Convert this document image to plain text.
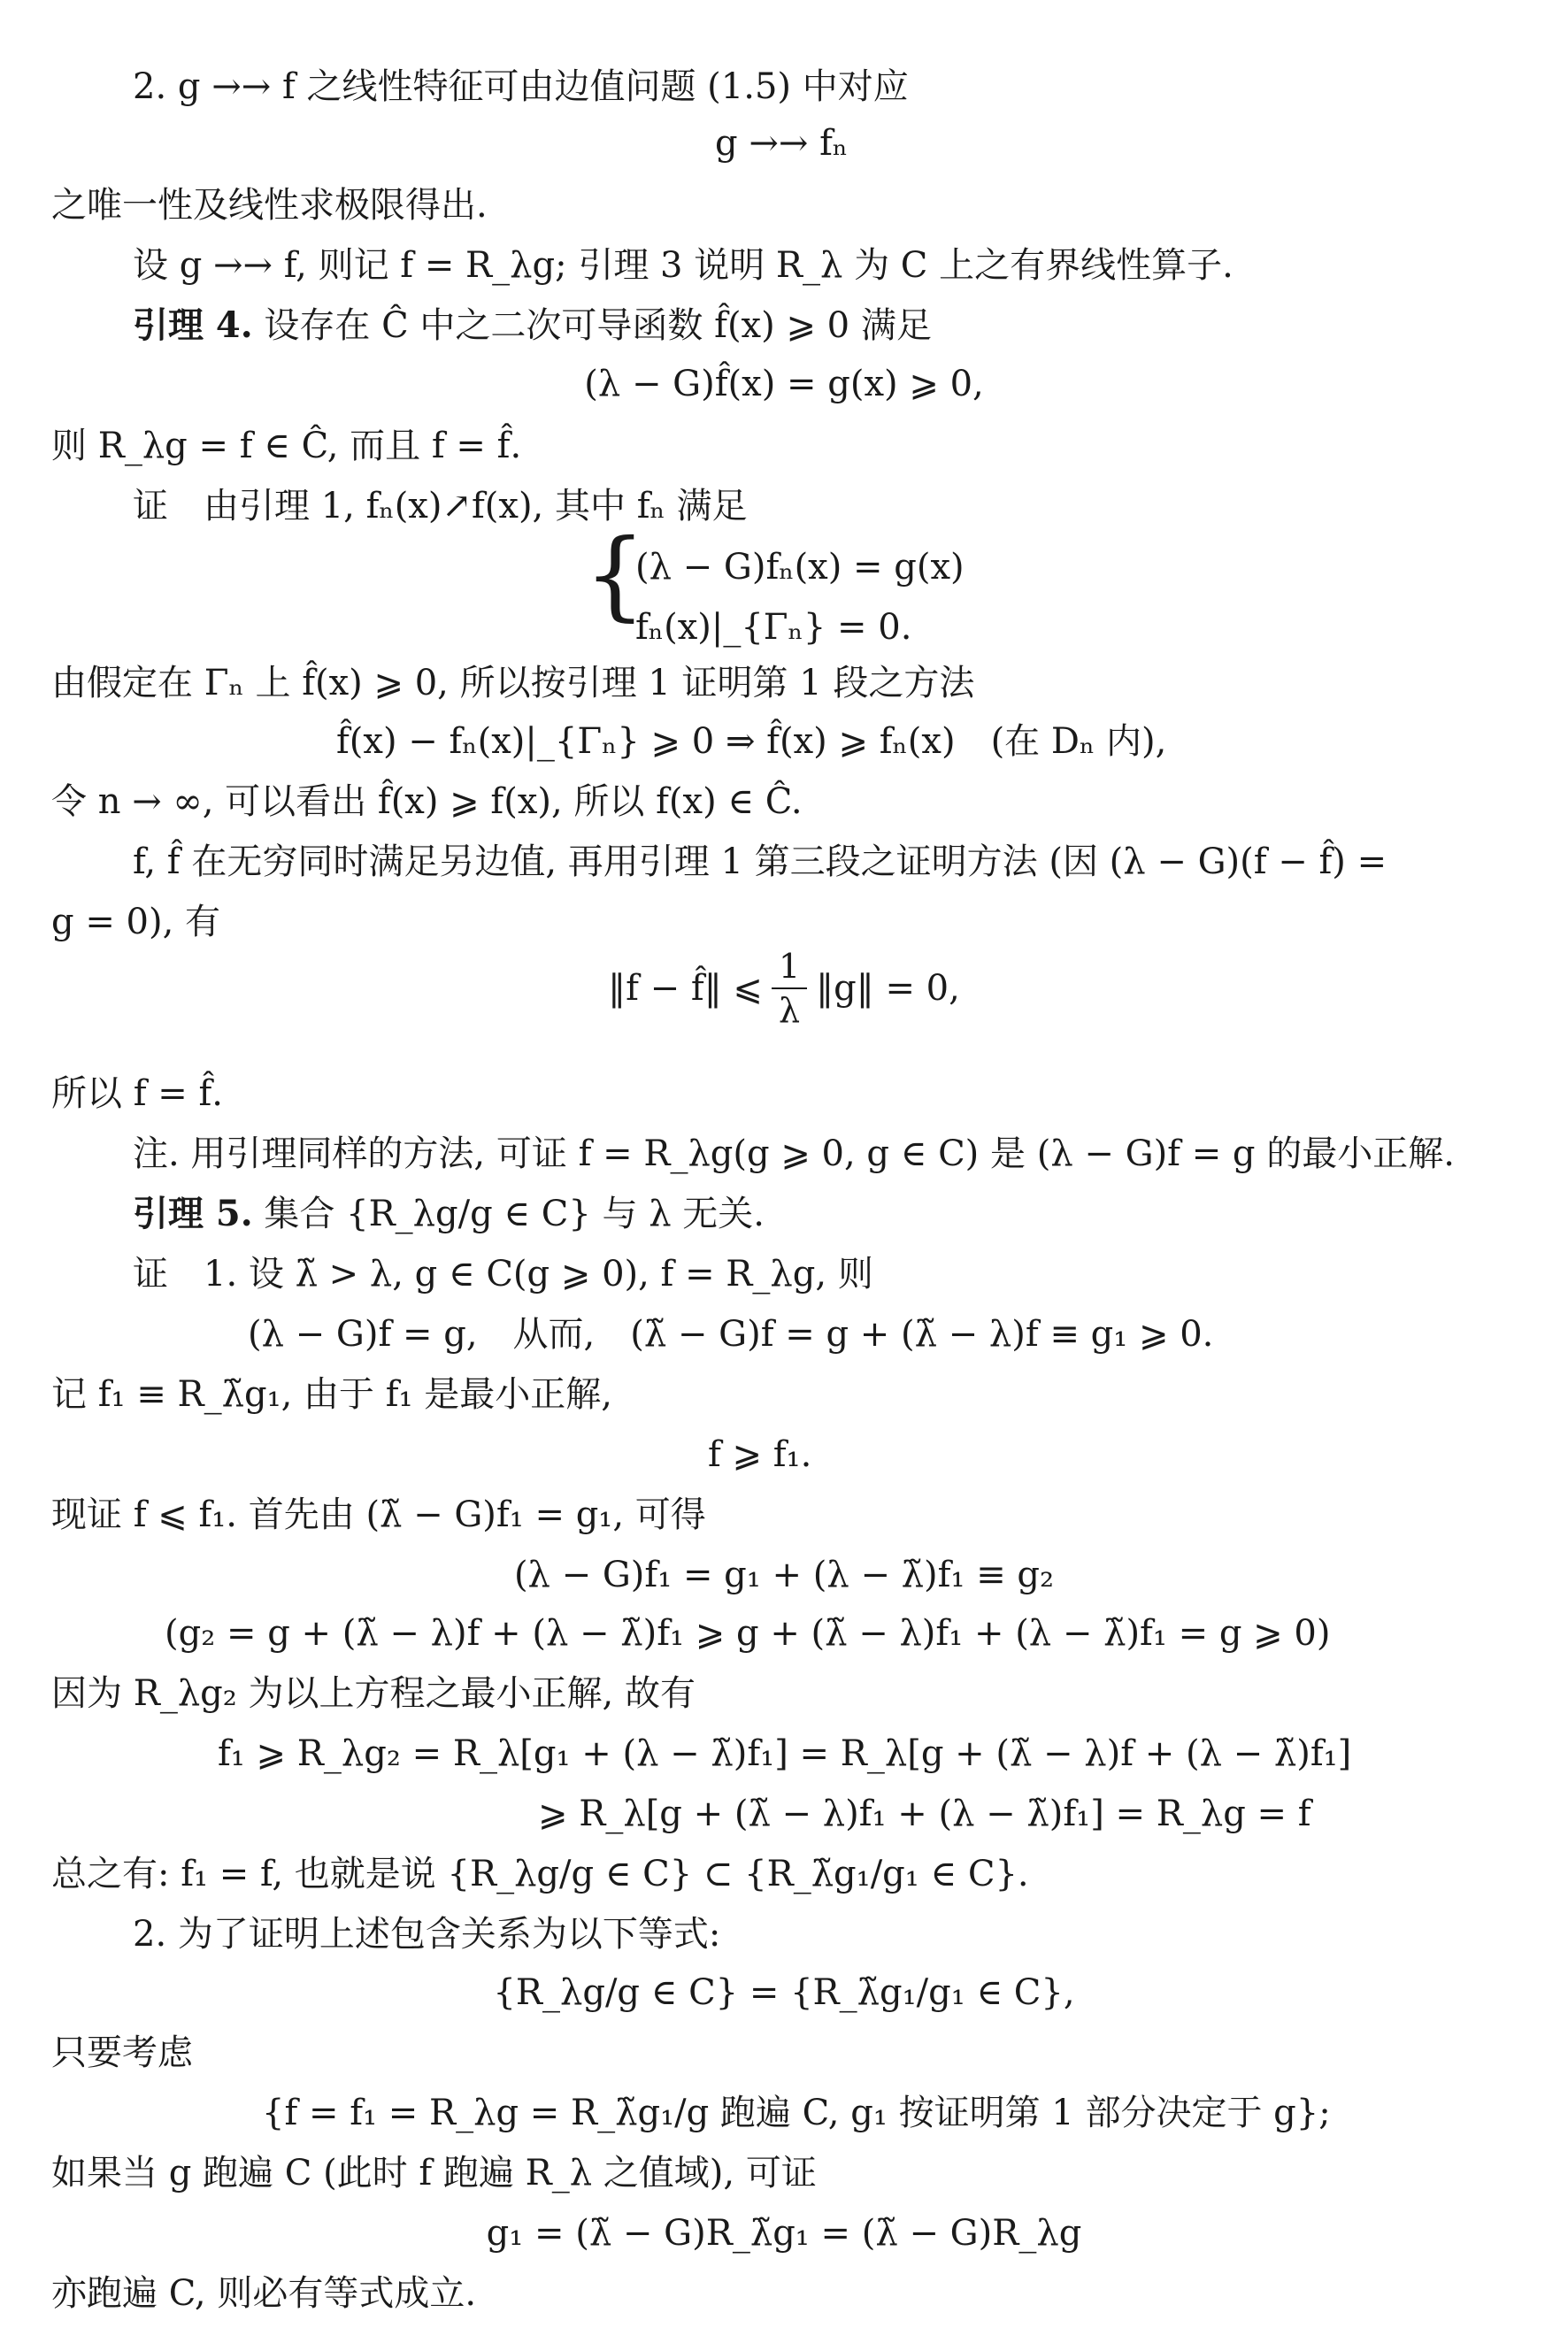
2. g →→ f 之线性特征可由边值问题 (1.5) 中对应
g →→ fₙ
之唯一性及线性求极限得出.
设 g →→ f, 则记 f = R_λg; 引理 3 说明 R_λ 为 C 上之有界线性算子.
引理 4. 设存在 Ĉ 中之二次可导函数 f̂(x) ⩾ 0 满足
(λ − G)f̂(x) = g(x) ⩾ 0,
则 R_λg = f ∈ Ĉ, 而且 f = f̂.
证　由引理 1, fₙ(x)↗f(x), 其中 fₙ 满足
{
(λ − G)fₙ(x) = g(x)
fₙ(x)|_{Γₙ} = 0.
由假定在 Γₙ 上 f̂(x) ⩾ 0, 所以按引理 1 证明第 1 段之方法
f̂(x) − fₙ(x)|_{Γₙ} ⩾ 0 ⇒ f̂(x) ⩾ fₙ(x)　(在 Dₙ 内),
令 n → ∞, 可以看出 f̂(x) ⩾ f(x), 所以 f(x) ∈ Ĉ.
f, f̂ 在无穷同时满足另边值, 再用引理 1 第三段之证明方法 (因 (λ − G)(f − f̂) =
g = 0), 有
‖f − f̂‖ ⩽ $\frac{1}{\lambda}$ ‖g‖ = 0,
所以 f = f̂.
注. 用引理同样的方法, 可证 f = R_λg(g ⩾ 0, g ∈ C) 是 (λ − G)f = g 的最小正解.
引理 5. 集合 {R_λg/g ∈ C} 与 λ 无关.
证　1. 设 λ̃ > λ, g ∈ C(g ⩾ 0), f = R_λg, 则
(λ − G)f = g,　从而,　(λ̃ − G)f = g + (λ̃ − λ)f ≡ g₁ ⩾ 0.
记 f₁ ≡ R_λ̃g₁, 由于 f₁ 是最小正解,
f ⩾ f₁.
现证 f ⩽ f₁. 首先由 (λ̃ − G)f₁ = g₁, 可得
(λ − G)f₁ = g₁ + (λ − λ̃)f₁ ≡ g₂
(g₂ = g + (λ̃ − λ)f + (λ − λ̃)f₁ ⩾ g + (λ̃ − λ)f₁ + (λ − λ̃)f₁ = g ⩾ 0)
因为 R_λg₂ 为以上方程之最小正解, 故有
f₁ ⩾ R_λg₂ = R_λ[g₁ + (λ − λ̃)f₁] = R_λ[g + (λ̃ − λ)f + (λ − λ̃)f₁]
⩾ R_λ[g + (λ̃ − λ)f₁ + (λ − λ̃)f₁] = R_λg = f
总之有: f₁ = f, 也就是说 {R_λg/g ∈ C} ⊂ {R_λ̃g₁/g₁ ∈ C}.
2. 为了证明上述包含关系为以下等式:
{R_λg/g ∈ C} = {R_λ̃g₁/g₁ ∈ C},
只要考虑
{f = f₁ = R_λg = R_λ̃g₁/g 跑遍 C, g₁ 按证明第 1 部分决定于 g};
如果当 g 跑遍 C (此时 f 跑遍 R_λ 之值域), 可证
g₁ = (λ̃ − G)R_λ̃g₁ = (λ̃ − G)R_λg
亦跑遍 C, 则必有等式成立.
